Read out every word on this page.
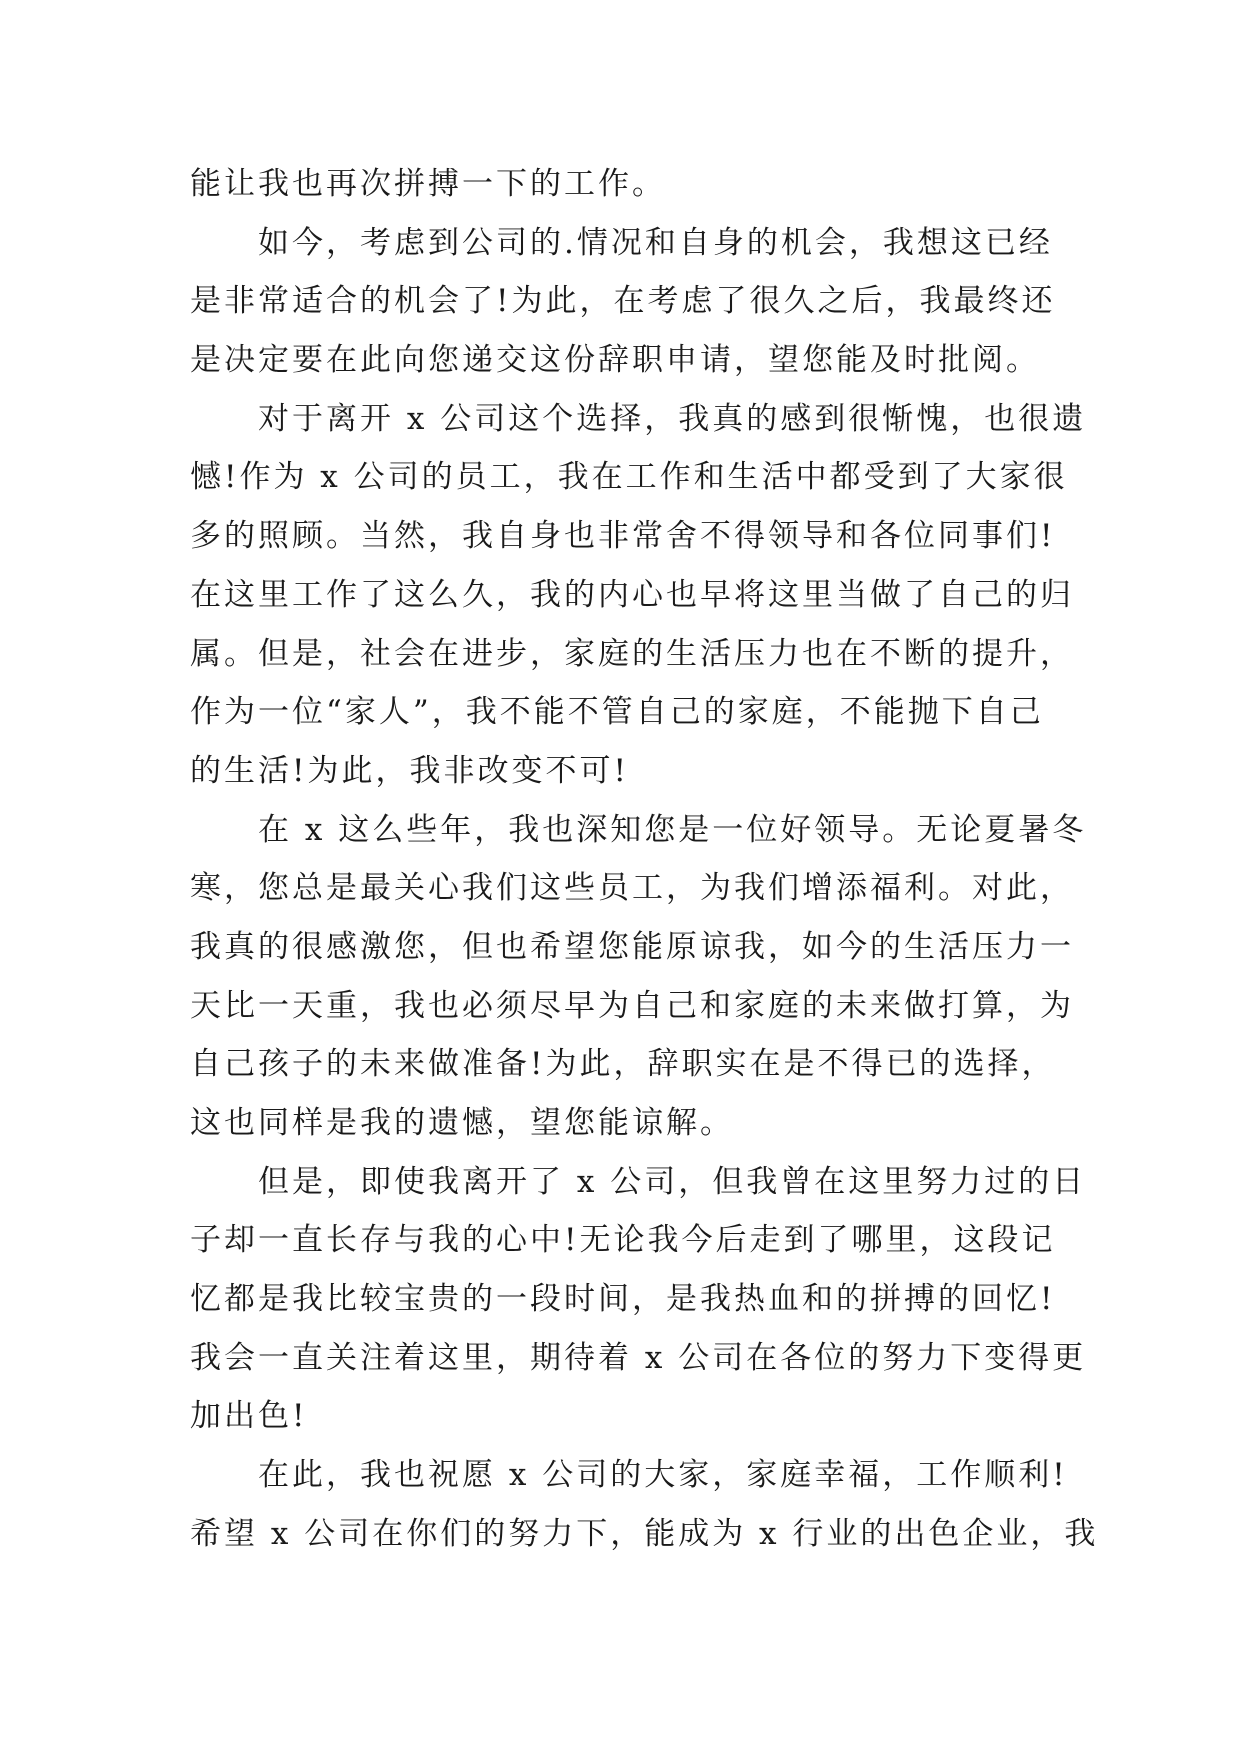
能让我也再次拼搏一下的工作。
如今，考虑到公司的.情况和自身的机会，我想这已经
是非常适合的机会了!为此，在考虑了很久之后，我最终还
是决定要在此向您递交这份辞职申请，望您能及时批阅。
对于离开 x 公司这个选择，我真的感到很惭愧，也很遗
憾!作为 x 公司的员工，我在工作和生活中都受到了大家很
多的照顾。当然，我自身也非常舍不得领导和各位同事们!
在这里工作了这么久，我的内心也早将这里当做了自己的归
属。但是，社会在进步，家庭的生活压力也在不断的提升，
作为一位“家人”，我不能不管自己的家庭，不能抛下自己
的生活!为此，我非改变不可!
在 x 这么些年，我也深知您是一位好领导。无论夏暑冬
寒，您总是最关心我们这些员工，为我们增添福利。对此，
我真的很感激您，但也希望您能原谅我，如今的生活压力一
天比一天重，我也必须尽早为自己和家庭的未来做打算，为
自己孩子的未来做准备!为此，辞职实在是不得已的选择，
这也同样是我的遗憾，望您能谅解。
但是，即使我离开了 x 公司，但我曾在这里努力过的日
子却一直长存与我的心中!无论我今后走到了哪里，这段记
忆都是我比较宝贵的一段时间，是我热血和的拼搏的回忆!
我会一直关注着这里，期待着 x 公司在各位的努力下变得更
加出色!
在此，我也祝愿 x 公司的大家，家庭幸福，工作顺利!
希望 x 公司在你们的努力下，能成为 x 行业的出色企业，我
